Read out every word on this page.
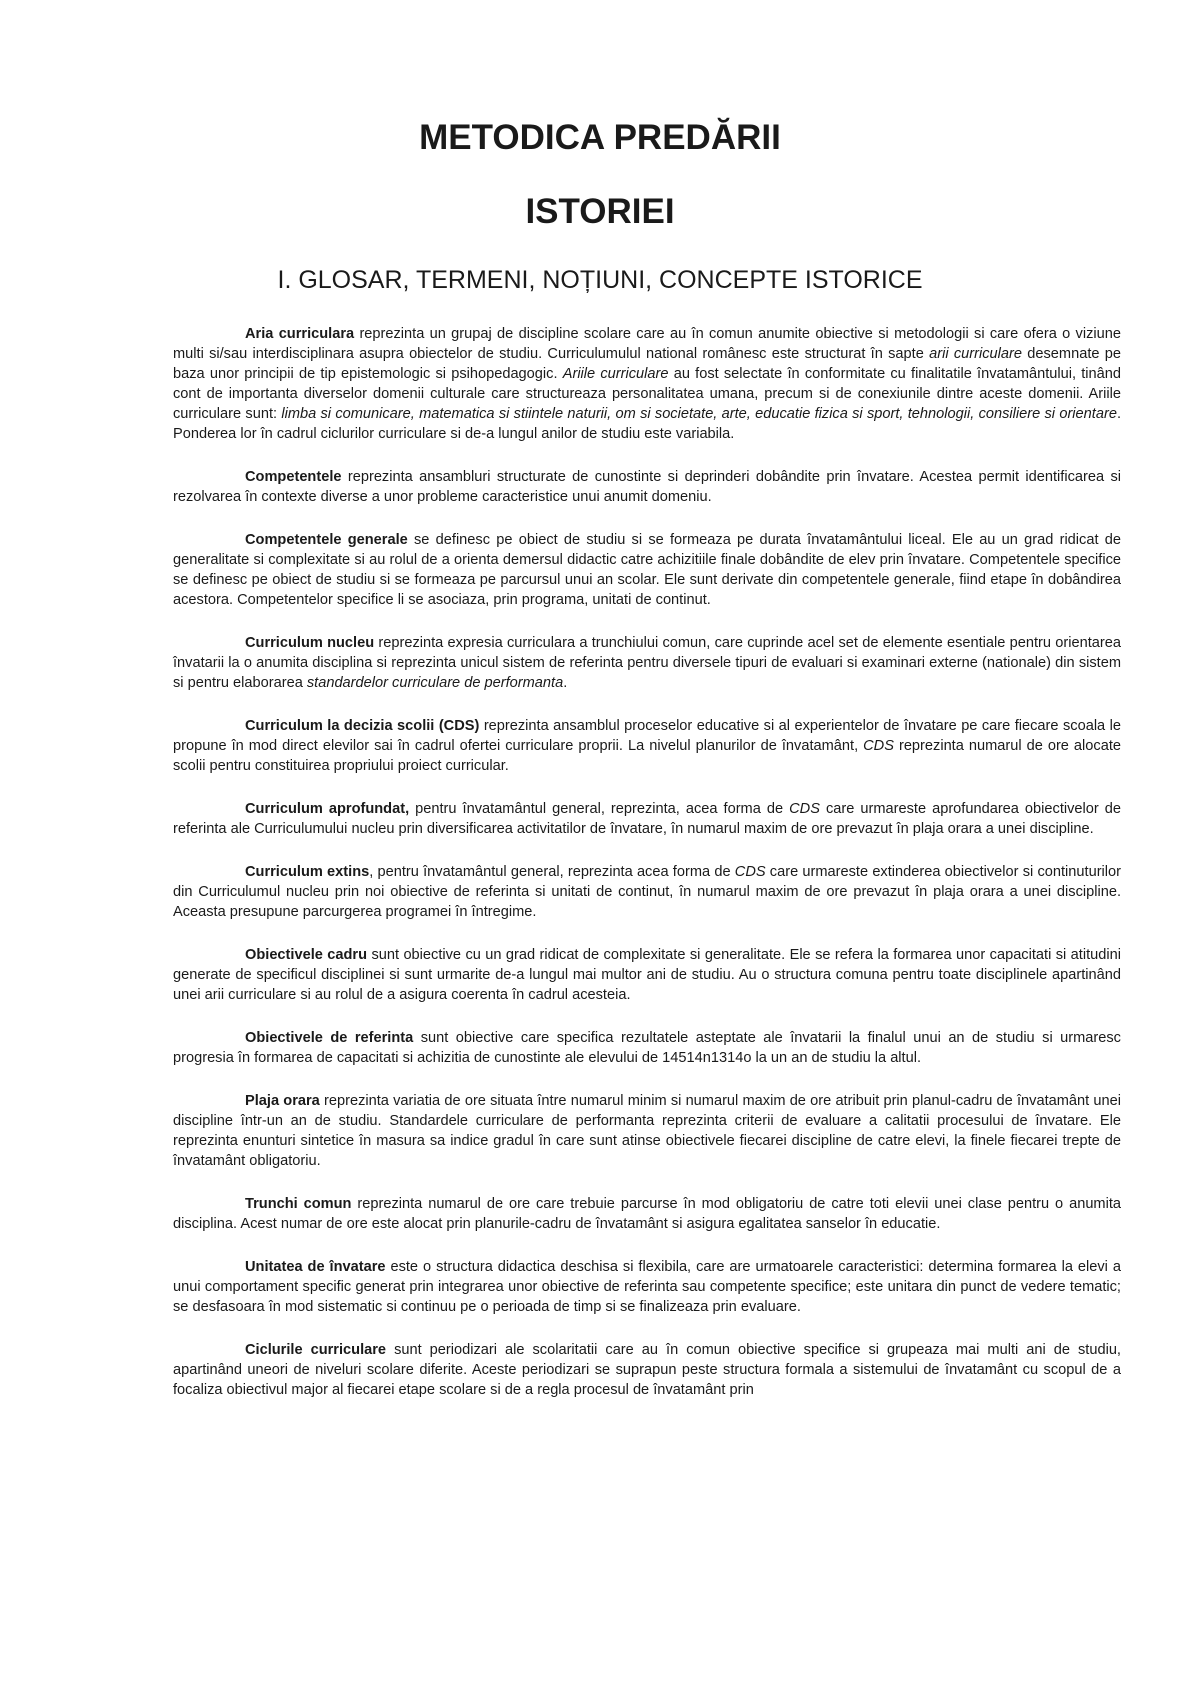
METODICA PREDĂRII
ISTORIEI
I. GLOSAR, TERMENI, NOȚIUNI, CONCEPTE ISTORICE

Aria curriculara reprezinta un grupaj de discipline scolare care au în comun anumite obiective si metodologii si care ofera o viziune multi si/sau interdisciplinara asupra obiectelor de studiu. Curriculumulul national românesc este structurat în sapte arii curriculare desemnate pe baza unor principii de tip epistemologic si psihopedagogic. Ariile curriculare au fost selectate în conformitate cu finalitatile învatamântului, tinând cont de importanta diverselor domenii culturale care structureaza personalitatea umana, precum si de conexiunile dintre aceste domenii. Ariile curriculare sunt: limba si comunicare, matematica si stiintele naturii, om si societate, arte, educatie fizica si sport, tehnologii, consiliere si orientare. Ponderea lor în cadrul ciclurilor curriculare si de-a lungul anilor de studiu este variabila.

Competentele reprezinta ansambluri structurate de cunostinte si deprinderi dobândite prin învatare. Acestea permit identificarea si rezolvarea în contexte diverse a unor probleme caracteristice unui anumit domeniu.

Competentele generale se definesc pe obiect de studiu si se formeaza pe durata învatamântului liceal. Ele au un grad ridicat de generalitate si complexitate si au rolul de a orienta demersul didactic catre achizitiile finale dobândite de elev prin învatare. Competentele specifice se definesc pe obiect de studiu si se formeaza pe parcursul unui an scolar. Ele sunt derivate din competentele generale, fiind etape în dobândirea acestora. Competentelor specifice li se asociaza, prin programa, unitati de continut.

Curriculum nucleu reprezinta expresia curriculara a trunchiului comun, care cuprinde acel set de elemente esentiale pentru orientarea învatarii la o anumita disciplina si reprezinta unicul sistem de referinta pentru diversele tipuri de evaluari si examinari externe (nationale) din sistem si pentru elaborarea standardelor curriculare de performanta.

Curriculum la decizia scolii (CDS) reprezinta ansamblul proceselor educative si al experientelor de învatare pe care fiecare scoala le propune în mod direct elevilor sai în cadrul ofertei curriculare proprii. La nivelul planurilor de învatamânt, CDS reprezinta numarul de ore alocate scolii pentru constituirea propriului proiect curricular.

Curriculum aprofundat, pentru învatamântul general, reprezinta, acea forma de CDS care urmareste aprofundarea obiectivelor de referinta ale Curriculumului nucleu prin diversificarea activitatilor de învatare, în numarul maxim de ore prevazut în plaja orara a unei discipline.

Curriculum extins, pentru învatamântul general, reprezinta acea forma de CDS care urmareste extinderea obiectivelor si continuturilor din Curriculumul nucleu prin noi obiective de referinta si unitati de continut, în numarul maxim de ore prevazut în plaja orara a unei discipline. Aceasta presupune parcurgerea programei în întregime.

Obiectivele cadru sunt obiective cu un grad ridicat de complexitate si generalitate. Ele se refera la formarea unor capacitati si atitudini generate de specificul disciplinei si sunt urmarite de-a lungul mai multor ani de studiu. Au o structura comuna pentru toate disciplinele apartinând unei arii curriculare si au rolul de a asigura coerenta în cadrul acesteia.

Obiectivele de referinta sunt obiective care specifica rezultatele asteptate ale învatarii la finalul unui an de studiu si urmaresc progresia în formarea de capacitati si achizitia de cunostinte ale elevului de 14514n1314o la un an de studiu la altul.

Plaja orara reprezinta variatia de ore situata între numarul minim si numarul maxim de ore atribuit prin planul-cadru de învatamânt unei discipline într-un an de studiu. Standardele curriculare de performanta reprezinta criterii de evaluare a calitatii procesului de învatare. Ele reprezinta enunturi sintetice în masura sa indice gradul în care sunt atinse obiectivele fiecarei discipline de catre elevi, la finele fiecarei trepte de învatamânt obligatoriu.

Trunchi comun reprezinta numarul de ore care trebuie parcurse în mod obligatoriu de catre toti elevii unei clase pentru o anumita disciplina. Acest numar de ore este alocat prin planurile-cadru de învatamânt si asigura egalitatea sanselor în educatie.

Unitatea de învatare este o structura didactica deschisa si flexibila, care are urmatoarele caracteristici: determina formarea la elevi a unui comportament specific generat prin integrarea unor obiective de referinta sau competente specifice; este unitara din punct de vedere tematic; se desfasoara în mod sistematic si continuu pe o perioada de timp si se finalizeaza prin evaluare.

Ciclurile curriculare sunt periodizari ale scolaritatii care au în comun obiective specifice si grupeaza mai multi ani de studiu, apartinând uneori de niveluri scolare diferite. Aceste periodizari se suprapun peste structura formala a sistemului de învatamânt cu scopul de a focaliza obiectivul major al fiecarei etape scolare si de a regla procesul de învatamânt prin
